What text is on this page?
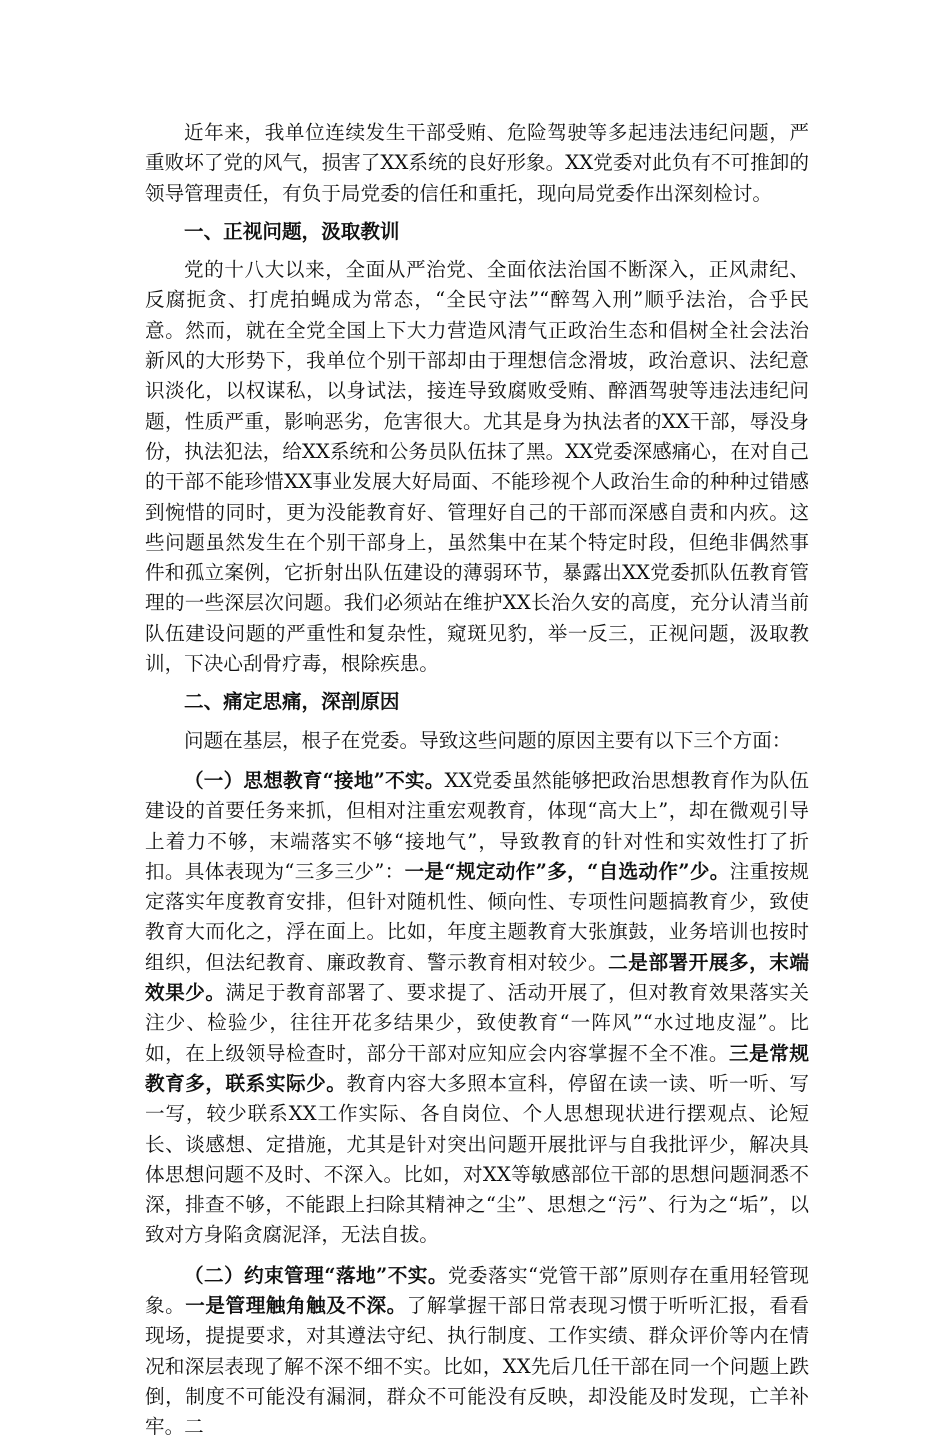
近年来，我单位连续发生干部受贿、危险驾驶等多起违法违纪问题，严重败坏了党的风气，损害了XX系统的良好形象。XX党委对此负有不可推卸的领导管理责任，有负于局党委的信任和重托，现向局党委作出深刻检讨。

一、正视问题，汲取教训

党的十八大以来，全面从严治党、全面依法治国不断深入，正风肃纪、反腐扼贪、打虎拍蝇成为常态，“全民守法”“醉驾入刑”顺乎法治，合乎民意。然而，就在全党全国上下大力营造风清气正政治生态和倡树全社会法治新风的大形势下，我单位个别干部却由于理想信念滑坡，政治意识、法纪意识淡化，以权谋私，以身试法，接连导致腐败受贿、醉酒驾驶等违法违纪问题，性质严重，影响恶劣，危害很大。尤其是身为执法者的XX干部，辱没身份，执法犯法，给XX系统和公务员队伍抹了黑。XX党委深感痛心，在对自己的干部不能珍惜XX事业发展大好局面、不能珍视个人政治生命的种种过错感到惋惜的同时，更为没能教育好、管理好自己的干部而深感自责和内疚。这些问题虽然发生在个别干部身上，虽然集中在某个特定时段，但绝非偶然事件和孤立案例，它折射出队伍建设的薄弱环节，暴露出XX党委抓队伍教育管理的一些深层次问题。我们必须站在维护XX长治久安的高度，充分认清当前队伍建设问题的严重性和复杂性，窥斑见豹，举一反三，正视问题，汲取教训，下决心刮骨疗毒，根除疾患。

二、痛定思痛，深剖原因

问题在基层，根子在党委。导致这些问题的原因主要有以下三个方面：

（一）思想教育“接地”不实。XX党委虽然能够把政治思想教育作为队伍建设的首要任务来抓，但相对注重宏观教育，体现“高大上”，却在微观引导上着力不够，末端落实不够“接地气”，导致教育的针对性和实效性打了折扣。具体表现为“三多三少”：一是“规定动作”多，“自选动作”少。注重按规定落实年度教育安排，但针对随机性、倾向性、专项性问题搞教育少，致使教育大而化之，浮在面上。比如，年度主题教育大张旗鼓，业务培训也按时组织，但法纪教育、廉政教育、警示教育相对较少。二是部署开展多，末端效果少。满足于教育部署了、要求提了、活动开展了，但对教育效果落实关注少、检验少，往往开花多结果少，致使教育“一阵风”“水过地皮湿”。比如，在上级领导检查时，部分干部对应知应会内容掌握不全不准。三是常规教育多，联系实际少。教育内容大多照本宣科，停留在读一读、听一听、写一写，较少联系XX工作实际、各自岗位、个人思想现状进行摆观点、论短长、谈感想、定措施，尤其是针对突出问题开展批评与自我批评少，解决具体思想问题不及时、不深入。比如，对XX等敏感部位干部的思想问题洞悉不深，排查不够，不能跟上扫除其精神之“尘”、思想之“污”、行为之“垢”，以致对方身陷贪腐泥泽，无法自拔。

（二）约束管理“落地”不实。党委落实“党管干部”原则存在重用轻管现象。一是管理触角触及不深。了解掌握干部日常表现习惯于听听汇报，看看现场，提提要求，对其遵法守纪、执行制度、工作实绩、群众评价等内在情况和深层表现了解不深不细不实。比如，XX先后几任干部在同一个问题上跌倒，制度不可能没有漏洞，群众不可能没有反映，却没能及时发现，亡羊补牢。二
